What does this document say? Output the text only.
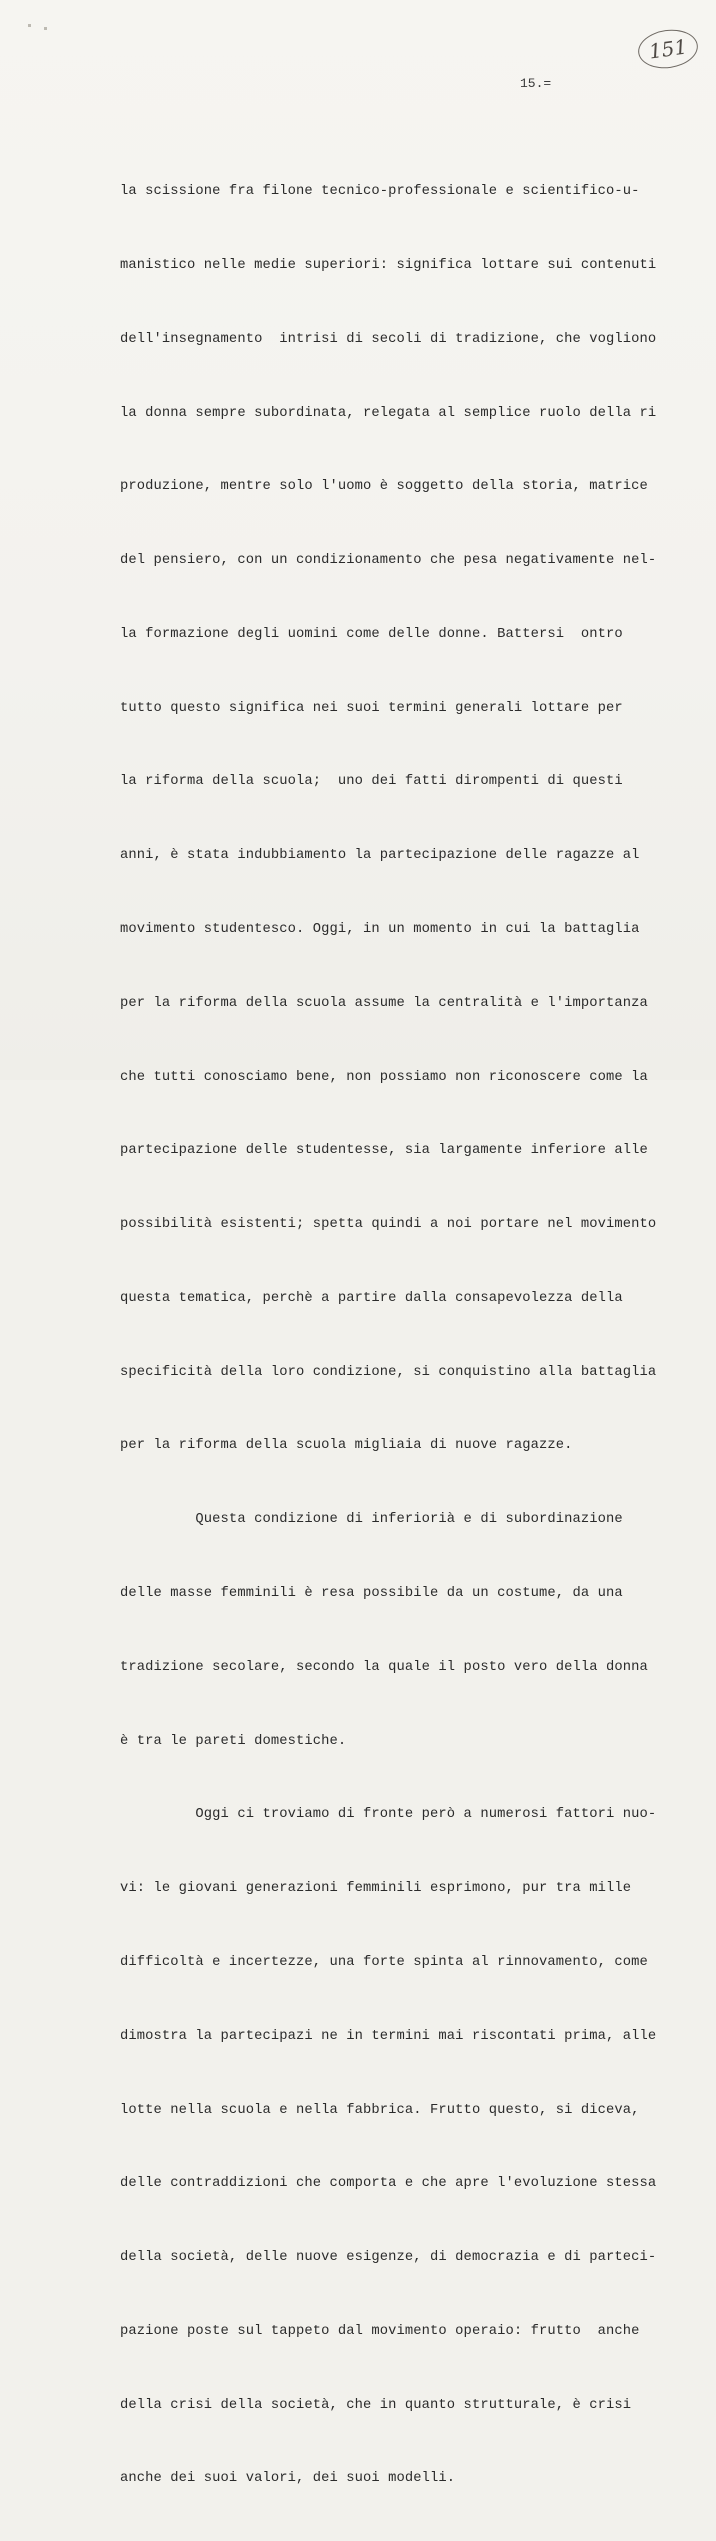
151
15.=

la scissione fra filone tecnico-professionale e scientifico-u-

manistico nelle medie superiori: significa lottare sui contenuti

dell'insegnamento  intrisi di secoli di tradizione, che vogliono

la donna sempre subordinata, relegata al semplice ruolo della ri

produzione, mentre solo l'uomo è soggetto della storia, matrice

del pensiero, con un condizionamento che pesa negativamente nel-

la formazione degli uomini come delle donne. Battersi  ontro

tutto questo significa nei suoi termini generali lottare per

la riforma della scuola;  uno dei fatti dirompenti di questi

anni, è stata indubbiamento la partecipazione delle ragazze al

movimento studentesco. Oggi, in un momento in cui la battaglia

per la riforma della scuola assume la centralità e l'importanza

che tutti conosciamo bene, non possiamo non riconoscere come la

partecipazione delle studentesse, sia largamente inferiore alle

possibilità esistenti; spetta quindi a noi portare nel movimento

questa tematica, perchè a partire dalla consapevolezza della

specificità della loro condizione, si conquistino alla battaglia

per la riforma della scuola migliaia di nuove ragazze.

Questa condizione di inferiorià e di subordinazione

delle masse femminili è resa possibile da un costume, da una

tradizione secolare, secondo la quale il posto vero della donna

è tra le pareti domestiche.

Oggi ci troviamo di fronte però a numerosi fattori nuo-

vi: le giovani generazioni femminili esprimono, pur tra mille

difficoltà e incertezze, una forte spinta al rinnovamento, come

dimostra la partecipazi ne in termini mai riscontati prima, alle

lotte nella scuola e nella fabbrica. Frutto questo, si diceva,

delle contraddizioni che comporta e che apre l'evoluzione stessa

della società, delle nuove esigenze, di democrazia e di parteci-

pazione poste sul tappeto dal movimento operaio: frutto  anche

della crisi della società, che in quanto strutturale, è crisi

anche dei suoi valori, dei suoi modelli.
